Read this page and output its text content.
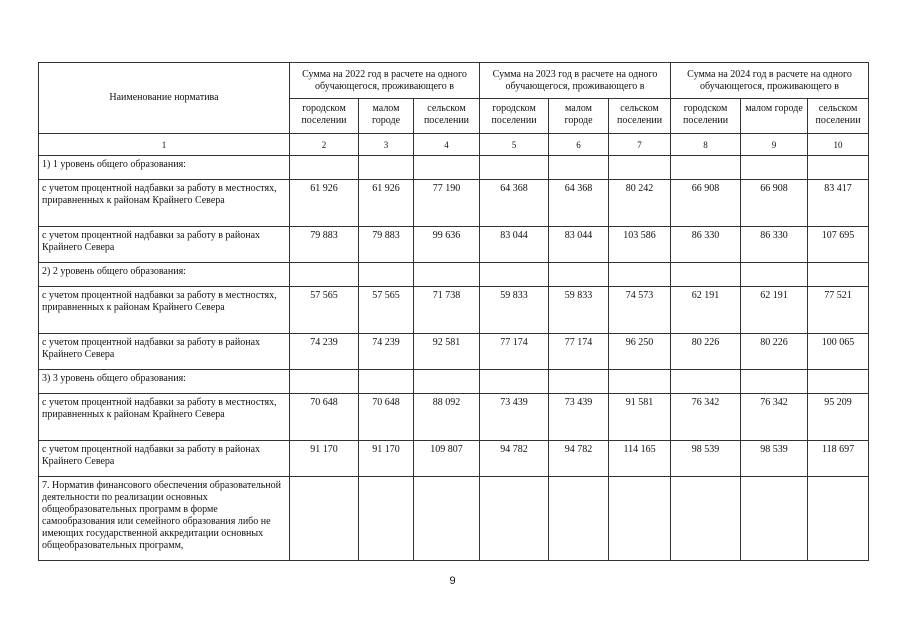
Наименование норматива	Сумма на 2022 год в расчете на одного обучающегося, проживающего в			Сумма на 2023 год в расчете на одного обучающегося, проживающего в			Сумма на 2024 год в расчете на одного обучающегося, проживающего в		
	городском поселении	малом городе	сельском поселении	городском поселении	малом городе	сельском поселении	городском поселении	малом городе	сельском поселении
1	2	3	4	5	6	7	8	9	10
1) 1 уровень общего образования:									
с учетом процентной надбавки за работу в местностях, приравненных к районам Крайнего Севера	61 926	61 926	77 190	64 368	64 368	80 242	66 908	66 908	83 417
с учетом процентной надбавки за работу в районах Крайнего Севера	79 883	79 883	99 636	83 044	83 044	103 586	86 330	86 330	107 695
2) 2 уровень общего образования:									
с учетом процентной надбавки за работу в местностях, приравненных к районам Крайнего Севера	57 565	57 565	71 738	59 833	59 833	74 573	62 191	62 191	77 521
с учетом процентной надбавки за работу в районах Крайнего Севера	74 239	74 239	92 581	77 174	77 174	96 250	80 226	80 226	100 065
3) 3 уровень общего образования:									
с учетом процентной надбавки за работу в местностях, приравненных к районам Крайнего Севера	70 648	70 648	88 092	73 439	73 439	91 581	76 342	76 342	95 209
с учетом процентной надбавки за работу в районах Крайнего Севера	91 170	91 170	109 807	94 782	94 782	114 165	98 539	98 539	118 697
7. Норматив финансового обеспечения образовательной деятельности по реализации основных общеобразовательных программ в форме самообразования или семейного образования либо не имеющих государственной аккредитации основных общеобразовательных программ,									
9
